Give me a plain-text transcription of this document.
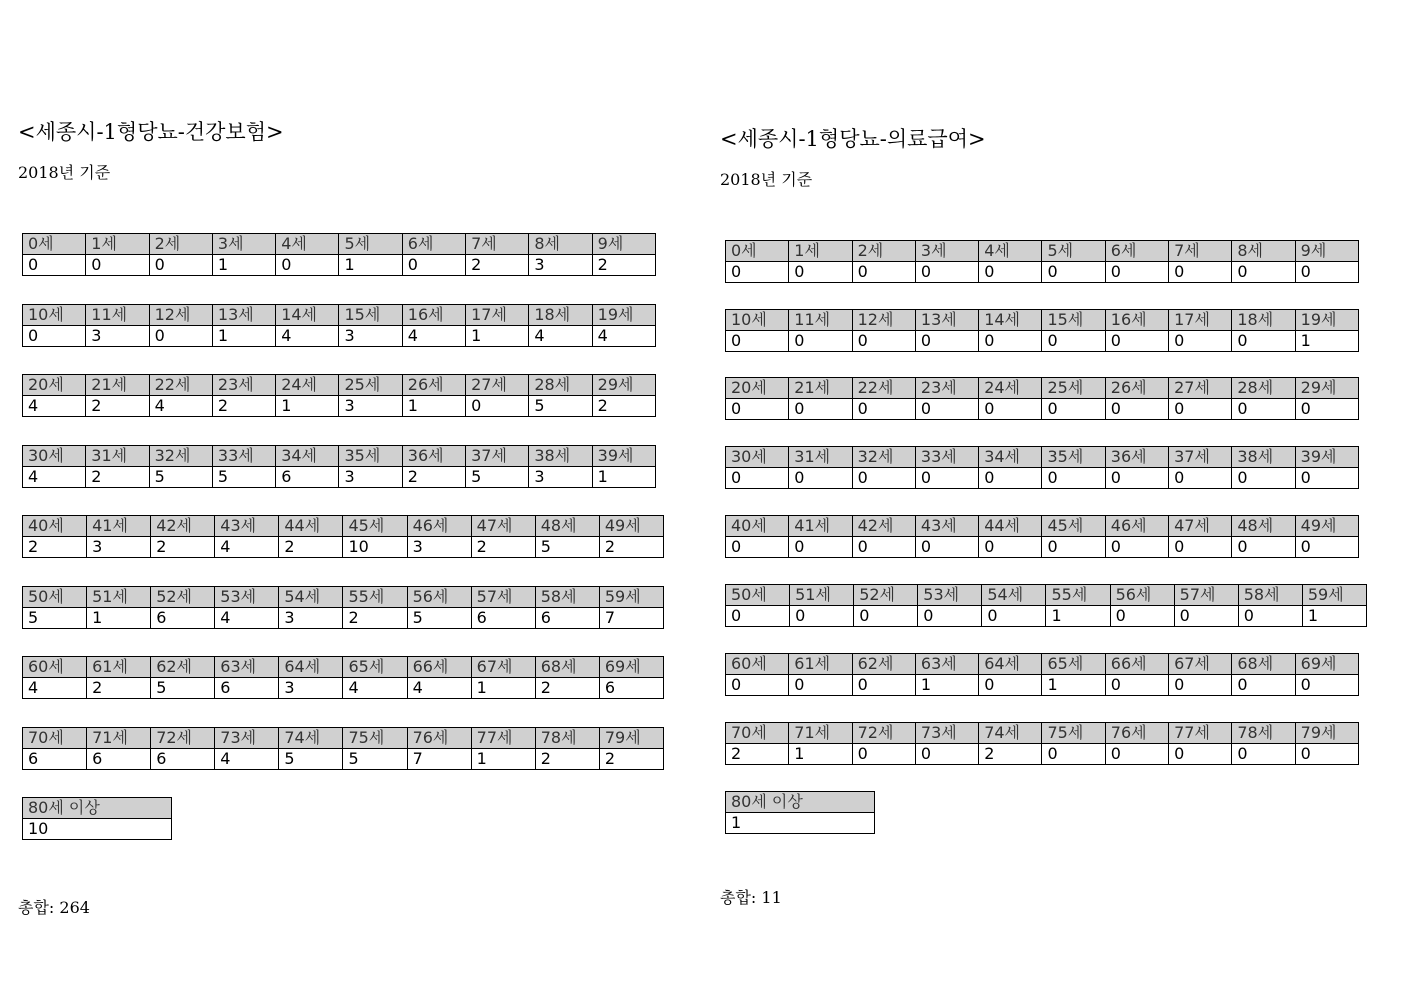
<세종시-1형당뇨-건강보험>
2018년 기준
0세	1세	2세	3세	4세	5세	6세	7세	8세	9세
0	0	0	1	0	1	0	2	3	2
10세	11세	12세	13세	14세	15세	16세	17세	18세	19세
0	3	0	1	4	3	4	1	4	4
20세	21세	22세	23세	24세	25세	26세	27세	28세	29세
4	2	4	2	1	3	1	0	5	2
30세	31세	32세	33세	34세	35세	36세	37세	38세	39세
4	2	5	5	6	3	2	5	3	1
40세	41세	42세	43세	44세	45세	46세	47세	48세	49세
2	3	2	4	2	10	3	2	5	2
50세	51세	52세	53세	54세	55세	56세	57세	58세	59세
5	1	6	4	3	2	5	6	6	7
60세	61세	62세	63세	64세	65세	66세	67세	68세	69세
4	2	5	6	3	4	4	1	2	6
70세	71세	72세	73세	74세	75세	76세	77세	78세	79세
6	6	6	4	5	5	7	1	2	2
80세 이상
10
총합: 264
<세종시-1형당뇨-의료급여>
2018년 기준
0세	1세	2세	3세	4세	5세	6세	7세	8세	9세
0	0	0	0	0	0	0	0	0	0
10세	11세	12세	13세	14세	15세	16세	17세	18세	19세
0	0	0	0	0	0	0	0	0	1
20세	21세	22세	23세	24세	25세	26세	27세	28세	29세
0	0	0	0	0	0	0	0	0	0
30세	31세	32세	33세	34세	35세	36세	37세	38세	39세
0	0	0	0	0	0	0	0	0	0
40세	41세	42세	43세	44세	45세	46세	47세	48세	49세
0	0	0	0	0	0	0	0	0	0
50세	51세	52세	53세	54세	55세	56세	57세	58세	59세
0	0	0	0	0	1	0	0	0	1
60세	61세	62세	63세	64세	65세	66세	67세	68세	69세
0	0	0	1	0	1	0	0	0	0
70세	71세	72세	73세	74세	75세	76세	77세	78세	79세
2	1	0	0	2	0	0	0	0	0
80세 이상
1
총합: 11
